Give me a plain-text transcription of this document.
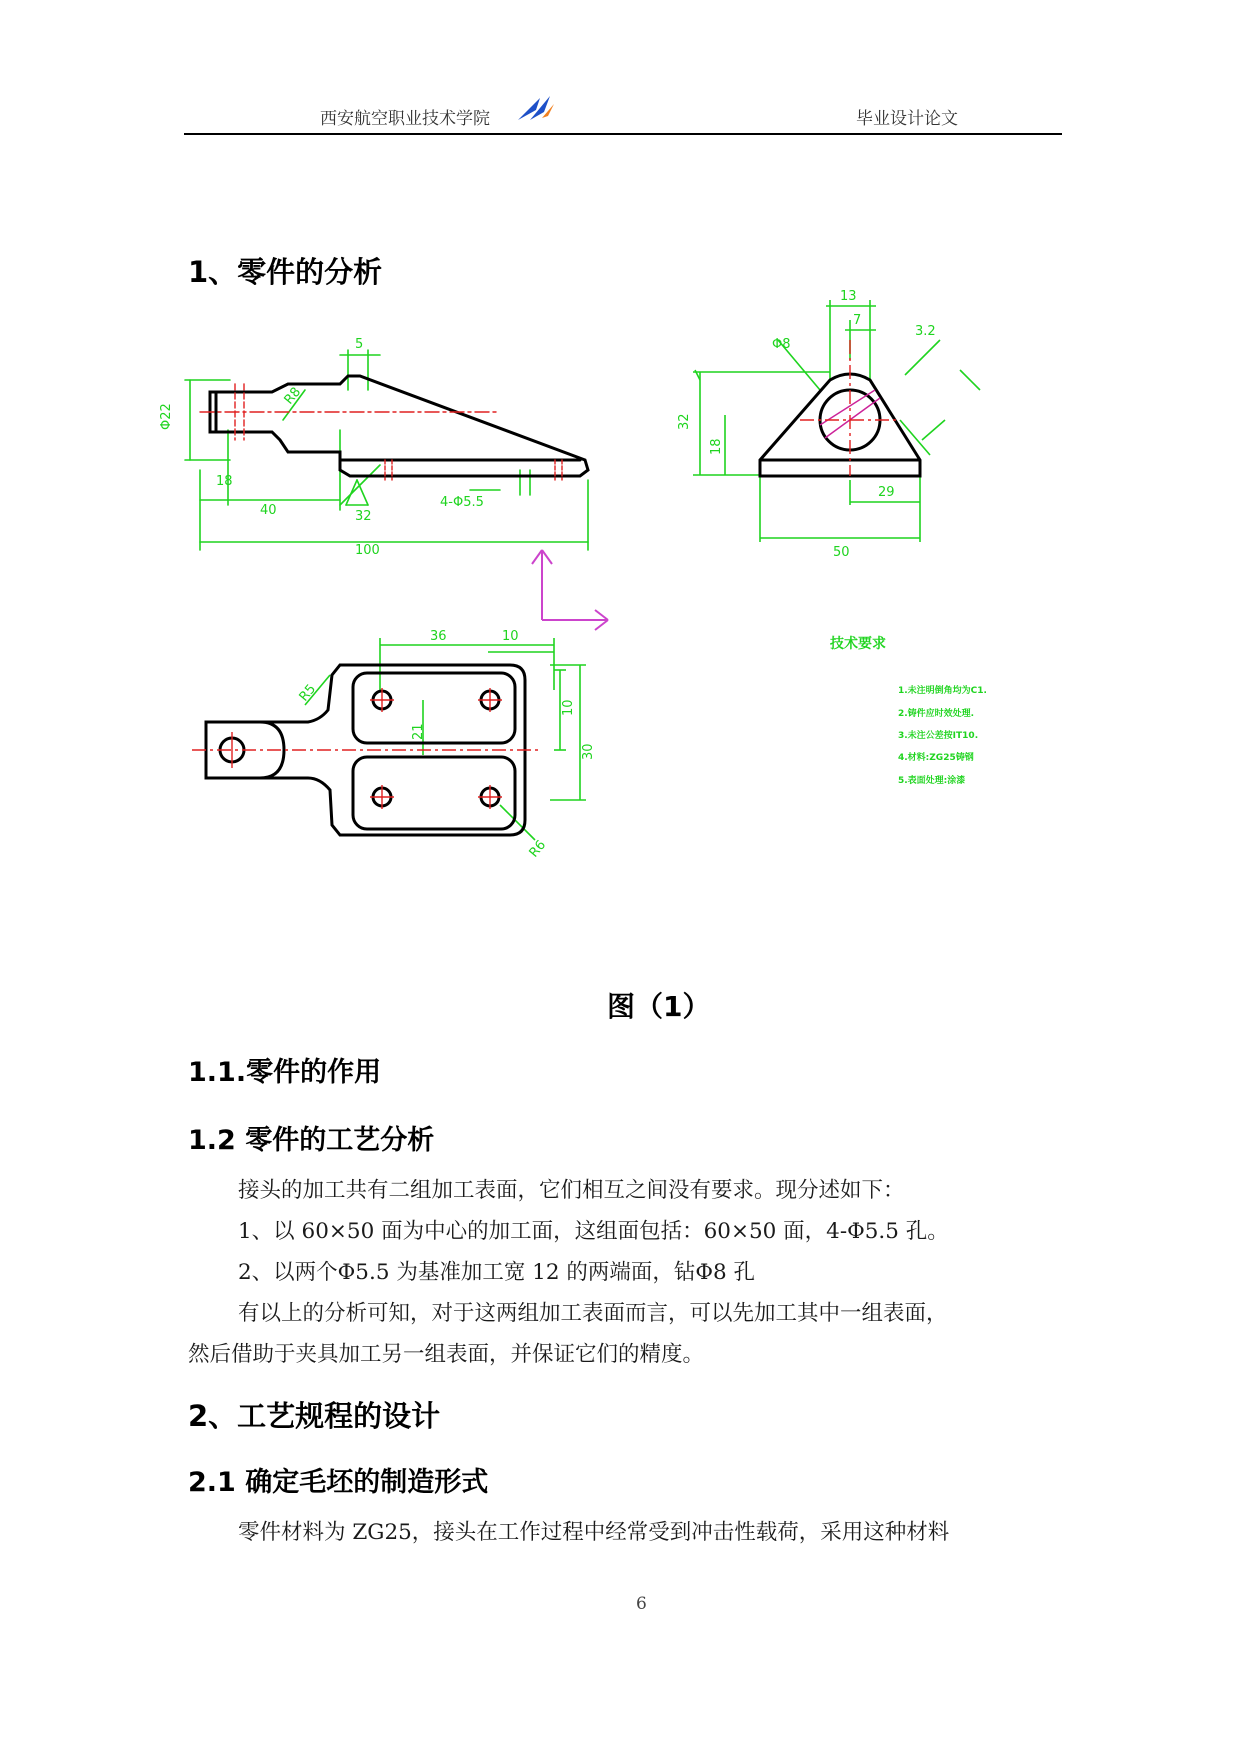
西安航空职业技术学院	毕业设计论文
1、零件的分析
5
Φ22
R8
18
40
100
32
4-Φ5.5
13
7
Φ8
3.2
32
18
29
50
36	10
21
10
30
R5
R6
技术要求
1.未注明倒角均为C1.
2.铸件应时效处理.
3.未注公差按IT10.
4.材料:ZG25铸钢
5.表面处理:涂漆
图（1）
1.1.零件的作用
1.2 零件的工艺分析
接头的加工共有二组加工表面，它们相互之间没有要求。现分述如下：
1、以 60×50 面为中心的加工面，这组面包括：60×50 面，4-Φ5.5 孔。
2、以两个Φ5.5 为基准加工宽 12 的两端面，钻Φ8 孔
有以上的分析可知，对于这两组加工表面而言，可以先加工其中一组表面，
然后借助于夹具加工另一组表面，并保证它们的精度。
2、工艺规程的设计
2.1 确定毛坯的制造形式
零件材料为 ZG25，接头在工作过程中经常受到冲击性载荷，采用这种材料
6
